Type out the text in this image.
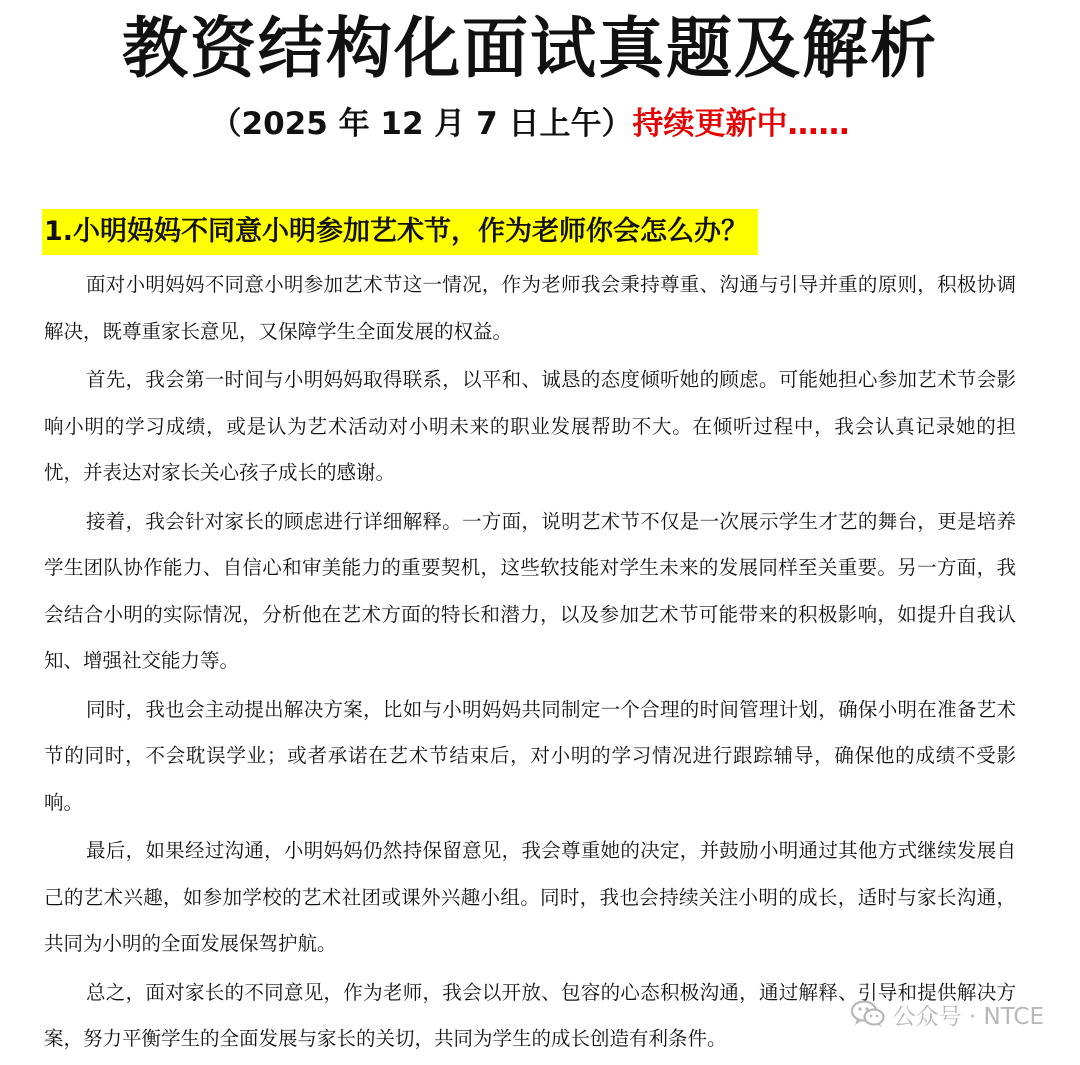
教资结构化面试真题及解析
（2025 年 12 月 7 日上午）持续更新中……
1.小明妈妈不同意小明参加艺术节，作为老师你会怎么办？

面对小明妈妈不同意小明参加艺术节这一情况，作为老师我会秉持尊重、沟通与引导并重的原则，积极协调解决，既尊重家长意见，又保障学生全面发展的权益。

首先，我会第一时间与小明妈妈取得联系，以平和、诚恳的态度倾听她的顾虑。可能她担心参加艺术节会影响小明的学习成绩，或是认为艺术活动对小明未来的职业发展帮助不大。在倾听过程中，我会认真记录她的担忧，并表达对家长关心孩子成长的感谢。

接着，我会针对家长的顾虑进行详细解释。一方面，说明艺术节不仅是一次展示学生才艺的舞台，更是培养学生团队协作能力、自信心和审美能力的重要契机，这些软技能对学生未来的发展同样至关重要。另一方面，我会结合小明的实际情况，分析他在艺术方面的特长和潜力，以及参加艺术节可能带来的积极影响，如提升自我认知、增强社交能力等。

同时，我也会主动提出解决方案，比如与小明妈妈共同制定一个合理的时间管理计划，确保小明在准备艺术节的同时，不会耽误学业；或者承诺在艺术节结束后，对小明的学习情况进行跟踪辅导，确保他的成绩不受影响。

最后，如果经过沟通，小明妈妈仍然持保留意见，我会尊重她的决定，并鼓励小明通过其他方式继续发展自己的艺术兴趣，如参加学校的艺术社团或课外兴趣小组。同时，我也会持续关注小明的成长，适时与家长沟通，共同为小明的全面发展保驾护航。

总之，面对家长的不同意见，作为老师，我会以开放、包容的心态积极沟通，通过解释、引导和提供解决方案，努力平衡学生的全面发展与家长的关切，共同为学生的成长创造有利条件。

公众号 · NTCE
